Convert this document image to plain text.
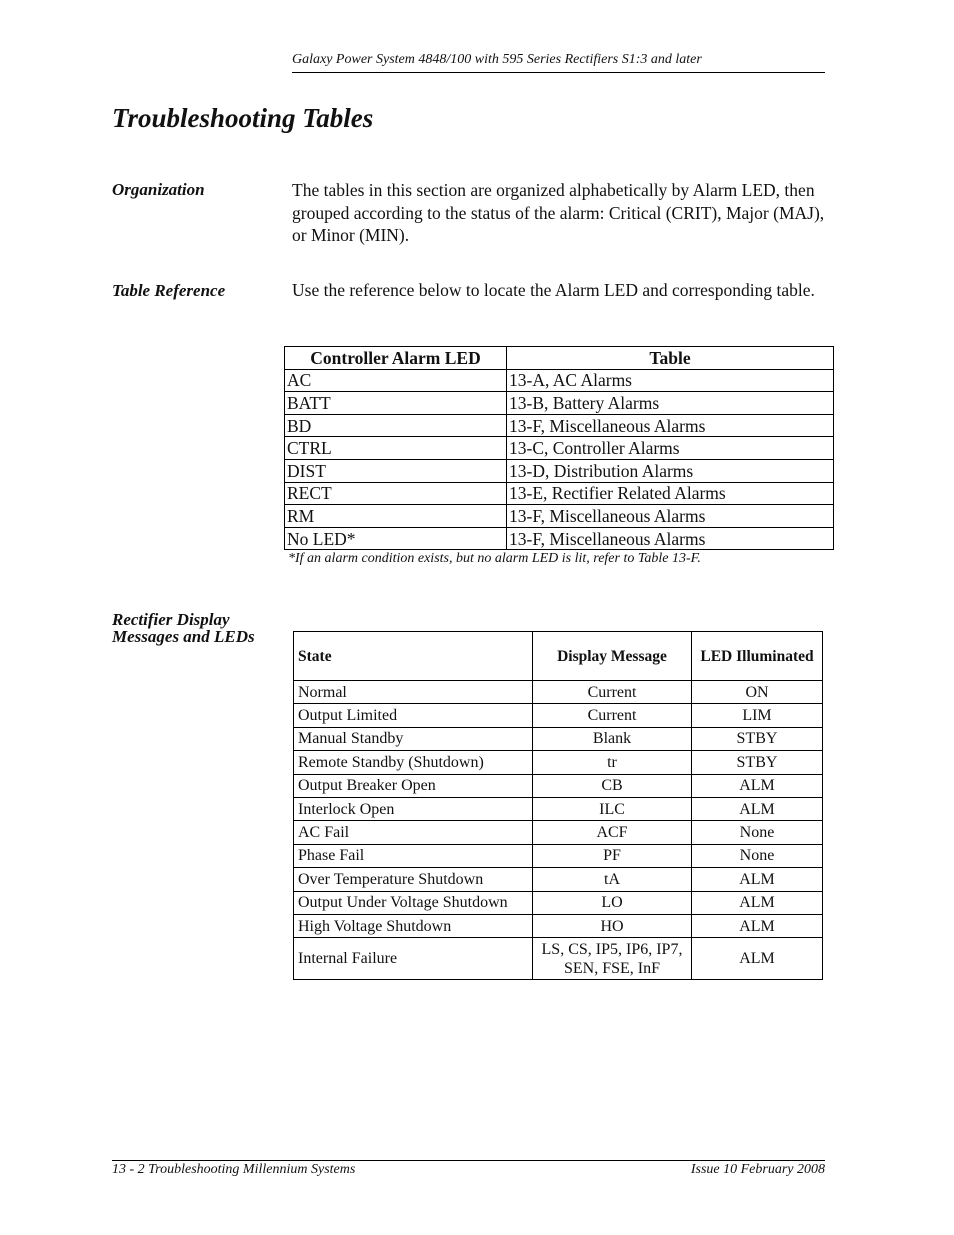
Galaxy Power System 4848/100 with 595 Series Rectifiers S1:3 and later
Troubleshooting Tables
Organization	The tables in this section are organized alphabetically by Alarm LED, then grouped according to the status of the alarm: Critical (CRIT), Major (MAJ), or Minor (MIN).
Table Reference	Use the reference below to locate the Alarm LED and corresponding table.
Controller Alarm LED	Table
AC	13-A, AC Alarms
BATT	13-B, Battery Alarms
BD	13-F, Miscellaneous Alarms
CTRL	13-C, Controller Alarms
DIST	13-D, Distribution Alarms
RECT	13-E, Rectifier Related Alarms
RM	13-F, Miscellaneous Alarms
No LED*	13-F, Miscellaneous Alarms
*If an alarm condition exists, but no alarm LED is lit, refer to Table 13-F.
Rectifier Display Messages and LEDs
State	Display Message	LED Illuminated
Normal	Current	ON
Output Limited	Current	LIM
Manual Standby	Blank	STBY
Remote Standby (Shutdown)	tr	STBY
Output Breaker Open	CB	ALM
Interlock Open	ILC	ALM
AC Fail	ACF	None
Phase Fail	PF	None
Over Temperature Shutdown	tA	ALM
Output Under Voltage Shutdown	LO	ALM
High Voltage Shutdown	HO	ALM
Internal Failure	LS, CS, IP5, IP6, IP7, SEN, FSE, InF	ALM
13 - 2 Troubleshooting Millennium Systems	Issue 10 February 2008
